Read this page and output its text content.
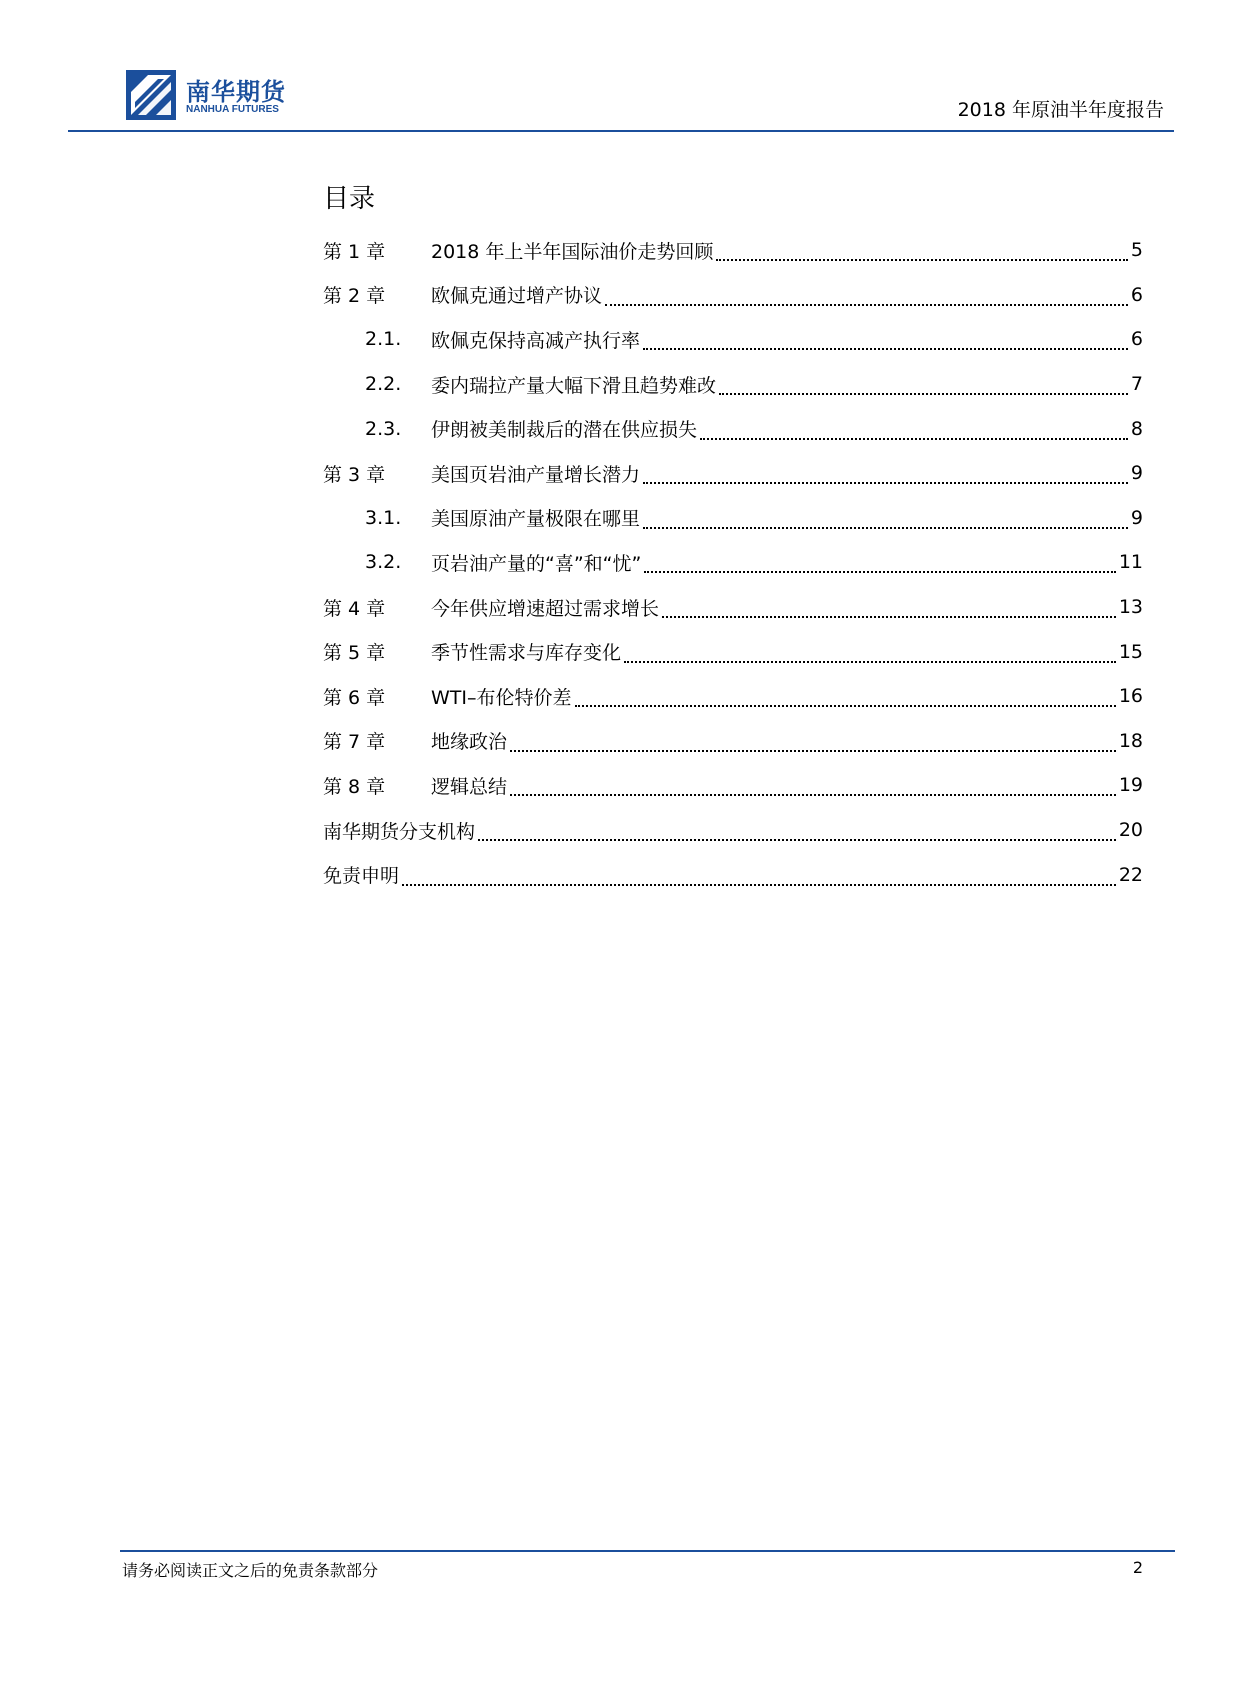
南华期货
NANHUA FUTURES	2018 年原油半年度报告
目录
第 1 章	2018 年上半年国际油价走势回顾	5
第 2 章	欧佩克通过增产协议	6
2.1.	欧佩克保持高减产执行率	6
2.2.	委内瑞拉产量大幅下滑且趋势难改	7
2.3.	伊朗被美制裁后的潜在供应损失	8
第 3 章	美国页岩油产量增长潜力	9
3.1.	美国原油产量极限在哪里	9
3.2.	页岩油产量的“喜”和“忧”	11
第 4 章	今年供应增速超过需求增长	13
第 5 章	季节性需求与库存变化	15
第 6 章	WTI–布伦特价差	16
第 7 章	地缘政治	18
第 8 章	逻辑总结	19
南华期货分支机构	20
免责申明	22
请务必阅读正文之后的免责条款部分	2
